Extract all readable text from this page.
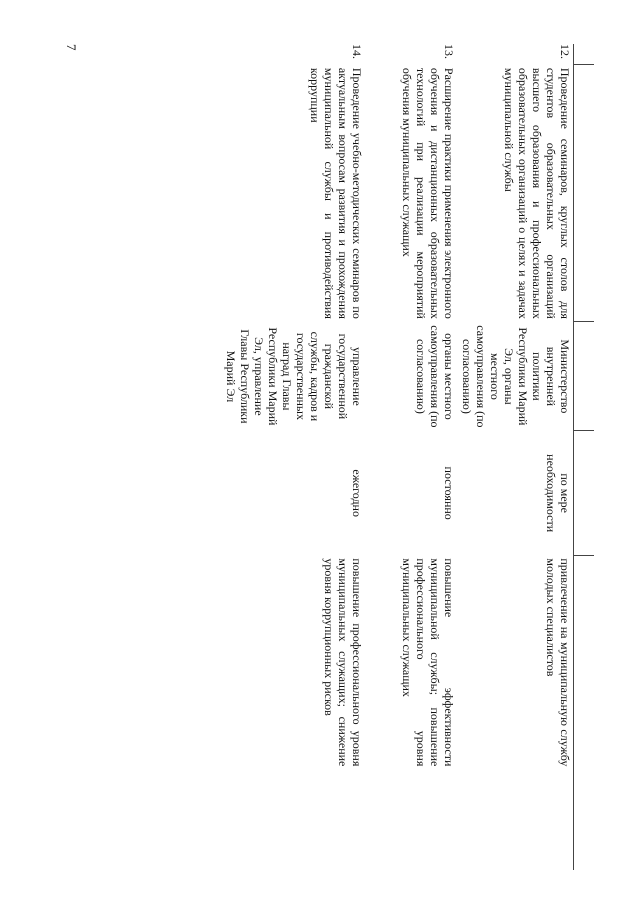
7
					12.	Проведение семинаров, круглых столов для студентов образовательных организаций высшего образования и профессиональных образовательных организаций о целях и задачах муниципальной службы	Министерство внутренней политики Республики Марий Эл, органы местного самоуправления (по согласованию)	по мере необходимости	привлечение на муниципальную службу молодых специалистов

13.	Расширение практики применения электронного обучения и дистанционных образовательных технологий при реализации мероприятий обучения муниципальных служащих	органы местного самоуправления (по согласованию)	постоянно	повышение эффективности муниципальной службы; повышение профессионального уровня муниципальных служащих

14.	Проведение учебно-методических семинаров по актуальным вопросам развития и прохождения муниципальной службы и противодействия коррупции	управление государственной гражданской службы, кадров и государственных наград Главы Республики Марий Эл, управление Главы Республики Марий Эл	ежегодно	повышение профессионального уровня муниципальных служащих; снижение уровня коррупционных рисков
